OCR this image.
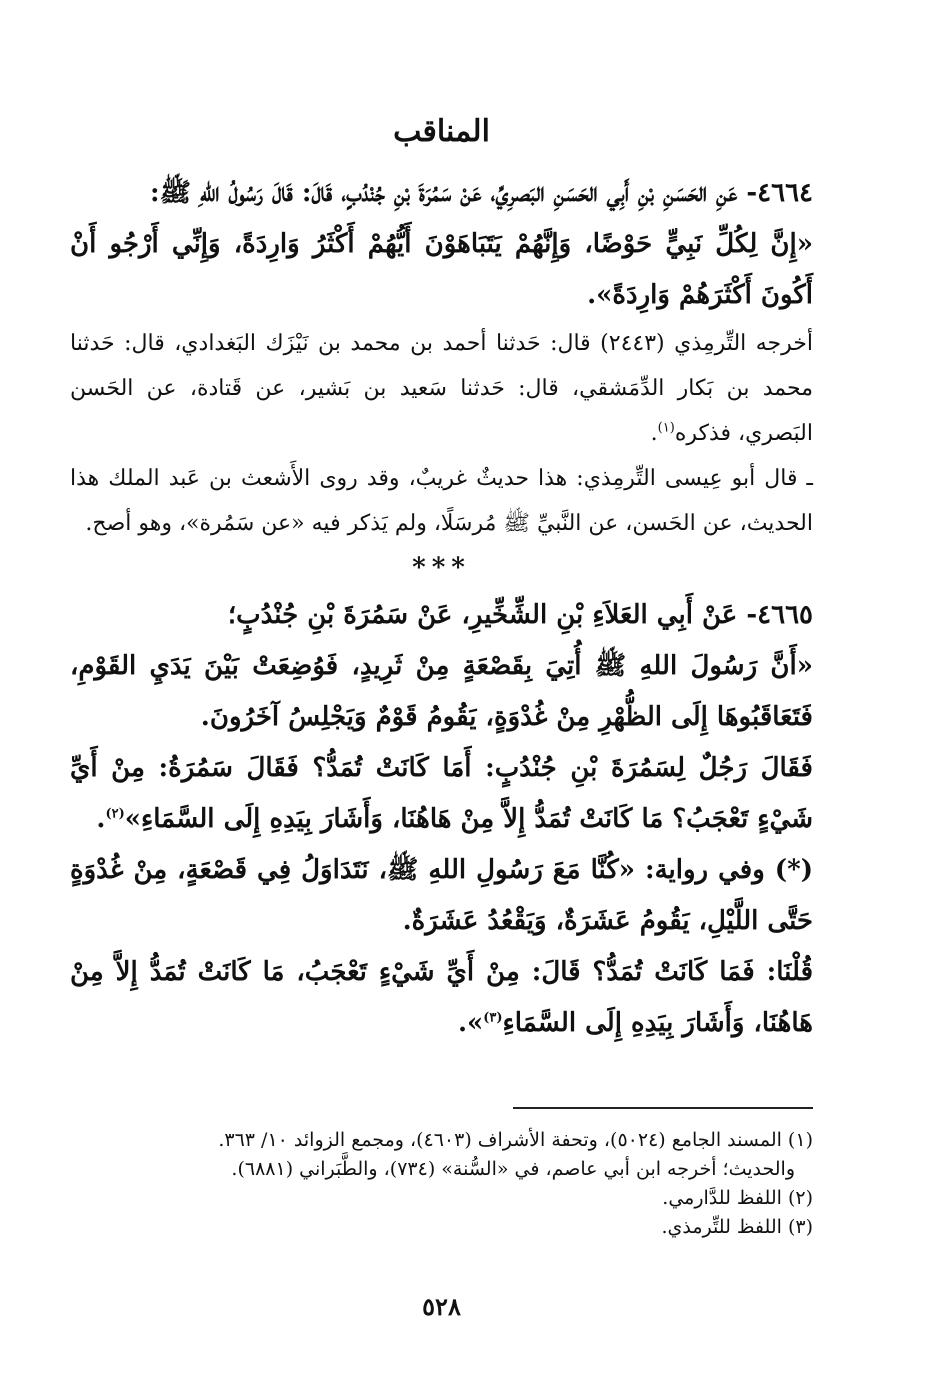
المناقب

٤٦٦٤- عَنِ الحَسَنِ بْنِ أَبِي الحَسَنِ البَصرِيِّ، عَنْ سَمُرَةَ بْنِ جُنْدُبٍ، قَالَ: قَالَ رَسُولُ اللهِ ﷺ:

«إِنَّ لِكُلِّ نَبِيٍّ حَوْضًا، وَإِنَّهُمْ يَتَبَاهَوْنَ أَيُّهُمْ أَكْثَرُ وَارِدَةً، وَإِنِّي أَرْجُو أَنْ أَكُونَ أَكْثَرَهُمْ وَارِدَةً».

أخرجه التِّرمِذي (٢٤٤٣) قال: حَدثنا أحمد بن محمد بن نَيْزَك البَغدادي، قال: حَدثنا محمد بن بَكار الدِّمَشقي، قال: حَدثنا سَعيد بن بَشير، عن قَتادة، عن الحَسن البَصري، فذكره$^{(١)}$.

ـ قال أبو عِيسى التِّرمِذي: هذا حديثٌ غريبٌ، وقد روى الأَشعث بن عَبد الملك هذا الحديث، عن الحَسن، عن النَّبيِّ ﷺ مُرسَلًا، ولم يَذكر فيه «عن سَمُرة»، وهو أصح.

***

٤٦٦٥- عَنْ أَبِي العَلاَءِ بْنِ الشِّخِّيرِ، عَنْ سَمُرَةَ بْنِ جُنْدُبٍ؛

«أَنَّ رَسُولَ اللهِ ﷺ أُتِيَ بِقَصْعَةٍ مِنْ ثَرِيدٍ، فَوُضِعَتْ بَيْنَ يَدَيِ القَوْمِ، فَتَعَاقَبُوهَا إِلَى الظُّهْرِ مِنْ غُدْوَةٍ، يَقُومُ قَوْمٌ وَيَجْلِسُ آخَرُونَ.

فَقَالَ رَجُلٌ لِسَمُرَةَ بْنِ جُنْدُبٍ: أَمَا كَانَتْ تُمَدُّ؟ فَقَالَ سَمُرَةُ: مِنْ أَيِّ شَيْءٍ تَعْجَبُ؟ مَا كَانَتْ تُمَدُّ إِلاَّ مِنْ هَاهُنَا، وَأَشَارَ بِيَدِهِ إِلَى السَّمَاءِ»$^{(٢)}$.

(*) وفي رواية: «كُنَّا مَعَ رَسُولِ اللهِ ﷺ، نَتَدَاوَلُ فِي قَصْعَةٍ، مِنْ غُدْوَةٍ حَتَّى اللَّيْلِ، يَقُومُ عَشَرَةٌ، وَيَقْعُدُ عَشَرَةٌ.

قُلْنَا: فَمَا كَانَتْ تُمَدُّ؟ قَالَ: مِنْ أَيِّ شَيْءٍ تَعْجَبُ، مَا كَانَتْ تُمَدُّ إِلاَّ مِنْ هَاهُنَا، وَأَشَارَ بِيَدِهِ إِلَى السَّمَاءِ$^{(٣)}$».

(١) المسند الجامع (٥٠٢٤)، وتحفة الأشراف (٤٦٠٣)، ومجمع الزوائد ١٠/ ٣٦٣.

والحديث؛ أخرجه ابن أبي عاصم، في «السُّنة» (٧٣٤)، والطَّبَراني (٦٨٨١).

(٢) اللفظ للدَّارمي.

(٣) اللفظ للتِّرمذي.

٥٢٨
